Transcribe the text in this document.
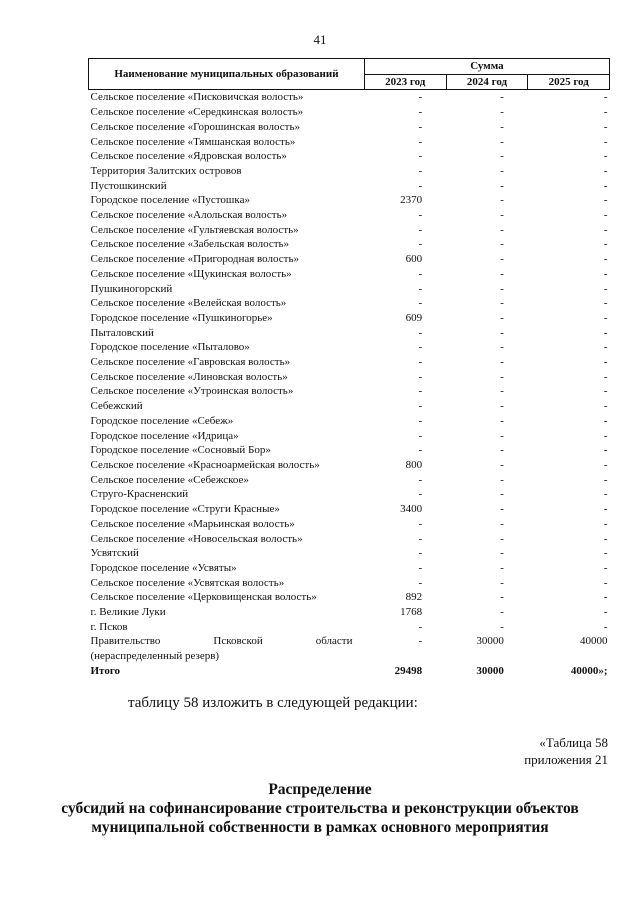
41
Наименование муниципальных образований	Сумма		
	2023 год	2024 год	2025 год
Сельское поселение «Писковичская волость»	-	-	-
Сельское поселение «Середкинская волость»	-	-	-
Сельское поселение «Горошинская волость»	-	-	-
Сельское поселение «Тямшанская волость»	-	-	-
Сельское поселение «Ядровская волость»	-	-	-
Территория Залитских островов	-	-	-
Пустошкинский	-	-	-
Городское поселение «Пустошка»	2370	-	-
Сельское поселение «Алольская волость»	-	-	-
Сельское поселение «Гультяевская волость»	-	-	-
Сельское поселение «Забельская волость»	-	-	-
Сельское поселение «Пригородная волость»	600	-	-
Сельское поселение «Щукинская волость»	-	-	-
Пушкиногорский	-	-	-
Сельское поселение «Велейская волость»	-	-	-
Городское поселение «Пушкиногорье»	609	-	-
Пыталовский	-	-	-
Городское поселение «Пыталово»	-	-	-
Сельское поселение «Гавровская волость»	-	-	-
Сельское поселение «Линовская волость»	-	-	-
Сельское поселение «Утроинская волость»	-	-	-
Себежский	-	-	-
Городское поселение «Себеж»	-	-	-
Городское поселение «Идрица»	-	-	-
Городское поселение «Сосновый Бор»	-	-	-
Сельское поселение «Красноармейская волость»	800	-	-
Сельское поселение «Себежское»	-	-	-
Струго-Красненский	-	-	-
Городское поселение «Струги Красные»	3400	-	-
Сельское поселение «Марьинская волость»	-	-	-
Сельское поселение «Новосельская волость»	-	-	-
Усвятский	-	-	-
Городское поселение «Усвяты»	-	-	-
Сельское поселение «Усвятская волость»	-	-	-
Сельское поселение «Церковищенская волость»	892	-	-
г. Великие Луки	1768	-	-
г. Псков	-	-	-

Правительство Псковской области
(нераспределенный резерв)	-	30000	40000
Итого	29498	30000	40000»;
таблицу 58 изложить в следующей редакции:
«Таблица 58
приложения 21
Распределение
субсидий на софинансирование строительства и реконструкции объектов
муниципальной собственности в рамках основного мероприятия
